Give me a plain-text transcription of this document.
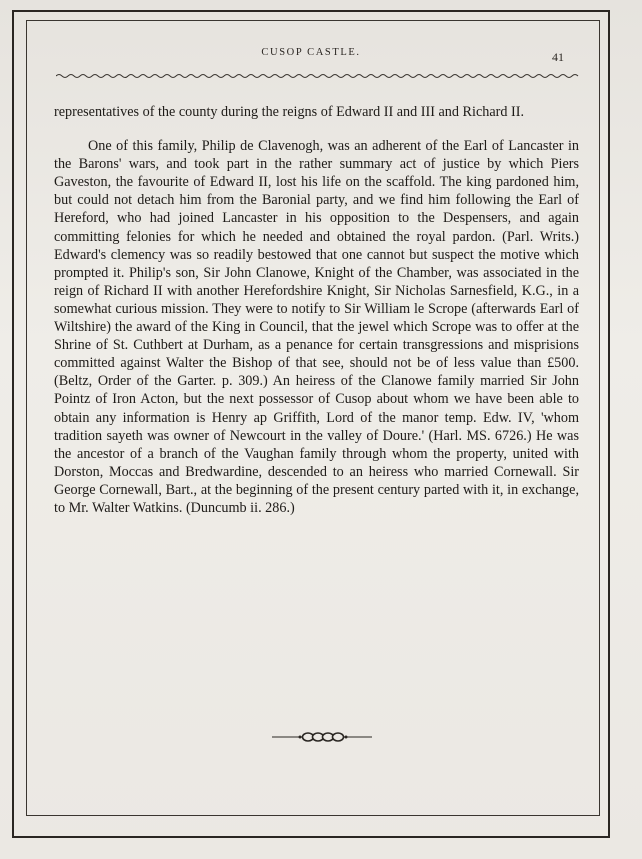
CUSOP CASTLE.	41

representatives of the county during the reigns of Edward II and III and Richard II.

One of this family, Philip de Clavenogh, was an adherent of the Earl of Lancaster in the Barons' wars, and took part in the rather summary act of justice by which Piers Gaveston, the favourite of Edward II, lost his life on the scaffold. The king pardoned him, but could not detach him from the Baronial party, and we find him following the Earl of Hereford, who had joined Lancaster in his opposition to the Despensers, and again committing felonies for which he needed and obtained the royal pardon. (Parl. Writs.) Edward's clemency was so readily bestowed that one cannot but suspect the motive which prompted it. Philip's son, Sir John Clanowe, Knight of the Chamber, was associated in the reign of Richard II with another Herefordshire Knight, Sir Nicholas Sarnesfield, K.G., in a somewhat curious mission. They were to notify to Sir William le Scrope (afterwards Earl of Wiltshire) the award of the King in Council, that the jewel which Scrope was to offer at the Shrine of St. Cuthbert at Durham, as a penance for certain transgressions and misprisions committed against Walter the Bishop of that see, should not be of less value than £500. (Beltz, Order of the Garter. p. 309.) An heiress of the Clanowe family married Sir John Pointz of Iron Acton, but the next possessor of Cusop about whom we have been able to obtain any information is Henry ap Griffith, Lord of the manor temp. Edw. IV, 'whom tradition sayeth was owner of Newcourt in the valley of Doure.' (Harl. MS. 6726.) He was the ancestor of a branch of the Vaughan family through whom the property, united with Dorston, Moccas and Bredwardine, descended to an heiress who married Cornewall. Sir George Cornewall, Bart., at the beginning of the present century parted with it, in exchange, to Mr. Walter Watkins. (Duncumb ii. 286.)
